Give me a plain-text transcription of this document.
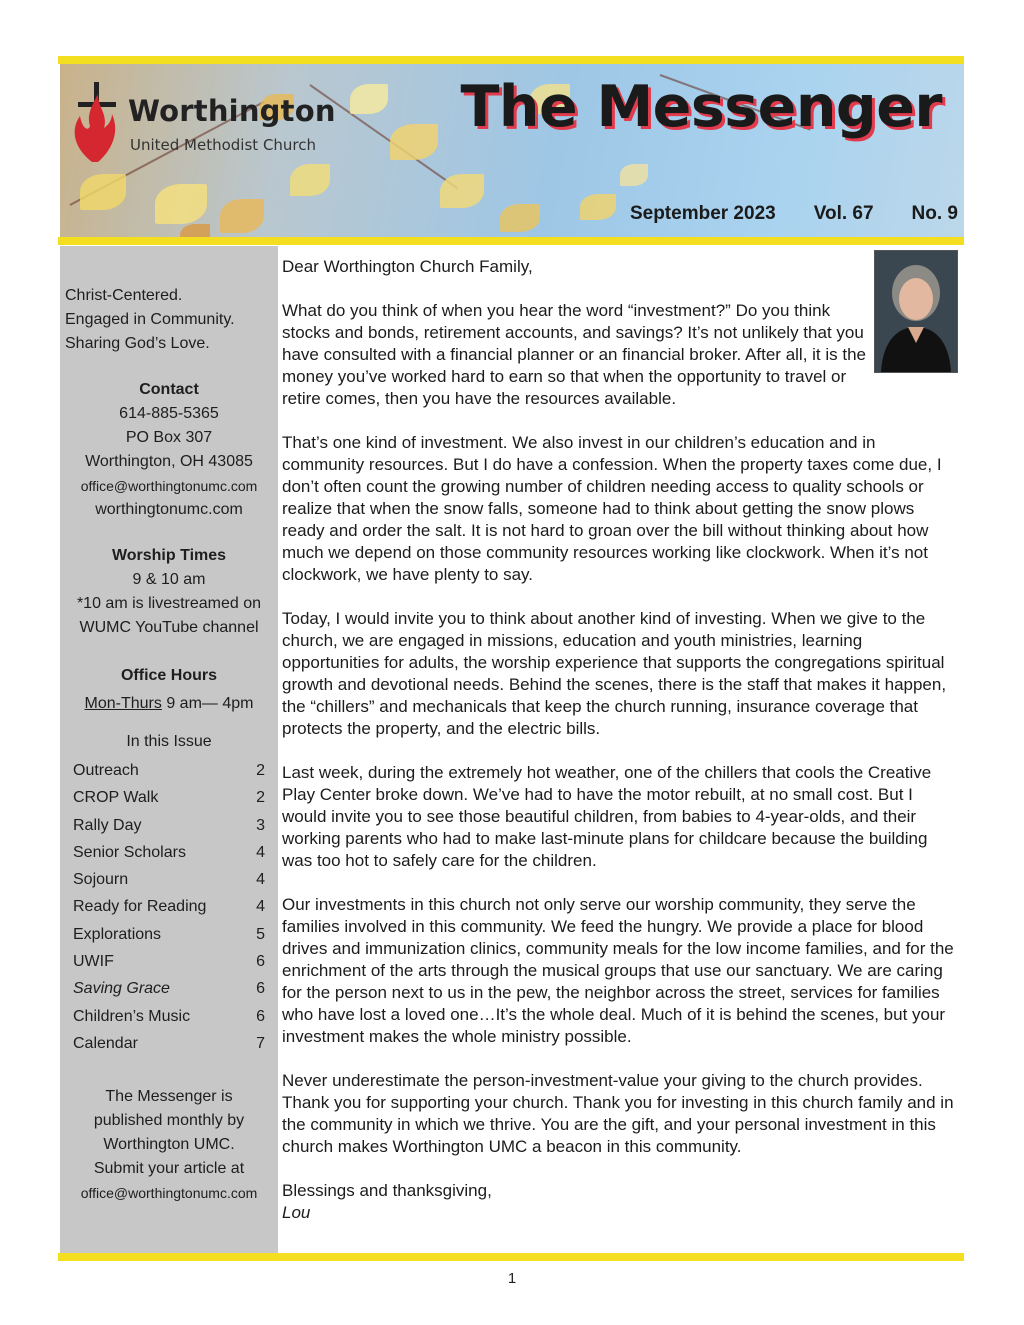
Worthington
United Methodist Church
The Messenger
September 2023 Vol. 67 No. 9
Christ-Centered.
Engaged in Community.
Sharing God’s Love.
Contact
614-885-5365
PO Box 307
Worthington, OH 43085
office@worthingtonumc.com
worthingtonumc.com
Worship Times
9 & 10 am
*10 am is livestreamed on
WUMC YouTube channel
Office Hours
Mon-Thurs 9 am— 4pm
In this Issue
Outreach	2
CROP Walk	2
Rally Day	3
Senior Scholars	4
Sojourn	4
Ready for Reading	4
Explorations	5
UWIF	6
Saving Grace	6
Children’s Music	6
Calendar	7
The Messenger is
published monthly by
Worthington UMC.
Submit your article at
office@worthingtonumc.com

Dear Worthington Church Family,

What do you think of when you hear the word “investment?” Do you think stocks and bonds, retirement accounts, and savings? It’s not unlikely that you have consulted with a financial planner or an financial broker. After all, it is the money you’ve worked hard to earn so that when the opportunity to travel or retire comes, then you have the resources available.

That’s one kind of investment. We also invest in our children’s education and in community resources. But I do have a confession. When the property taxes come due, I don’t often count the growing number of children needing access to quality schools or realize that when the snow falls, someone had to think about getting the snow plows ready and order the salt. It is not hard to groan over the bill without thinking about how much we depend on those community resources working like clockwork. When it’s not clockwork, we have plenty to say.

Today, I would invite you to think about another kind of investing. When we give to the church, we are engaged in missions, education and youth ministries, learning opportunities for adults, the worship experience that supports the congregations spiritual growth and devotional needs. Behind the scenes, there is the staff that makes it happen, the “chillers” and mechanicals that keep the church running, insurance coverage that protects the property, and the electric bills.

Last week, during the extremely hot weather, one of the chillers that cools the Creative Play Center broke down. We’ve had to have the motor rebuilt, at no small cost. But I would invite you to see those beautiful children, from babies to 4-year-olds, and their working parents who had to make last-minute plans for childcare because the building was too hot to safely care for the children.

Our investments in this church not only serve our worship community, they serve the families involved in this community. We feed the hungry. We provide a place for blood drives and immunization clinics, community meals for the low income families, and for the enrichment of the arts through the musical groups that use our sanctuary. We are caring for the person next to us in the pew, the neighbor across the street, services for families who have lost a loved one…It’s the whole deal. Much of it is behind the scenes, but your investment makes the whole ministry possible.

Never underestimate the person-investment-value your giving to the church provides. Thank you for supporting your church. Thank you for investing in this church family and in the community in which we thrive. You are the gift, and your personal investment in this church makes Worthington UMC a beacon in this community.

Blessings and thanksgiving,

Lou

1
